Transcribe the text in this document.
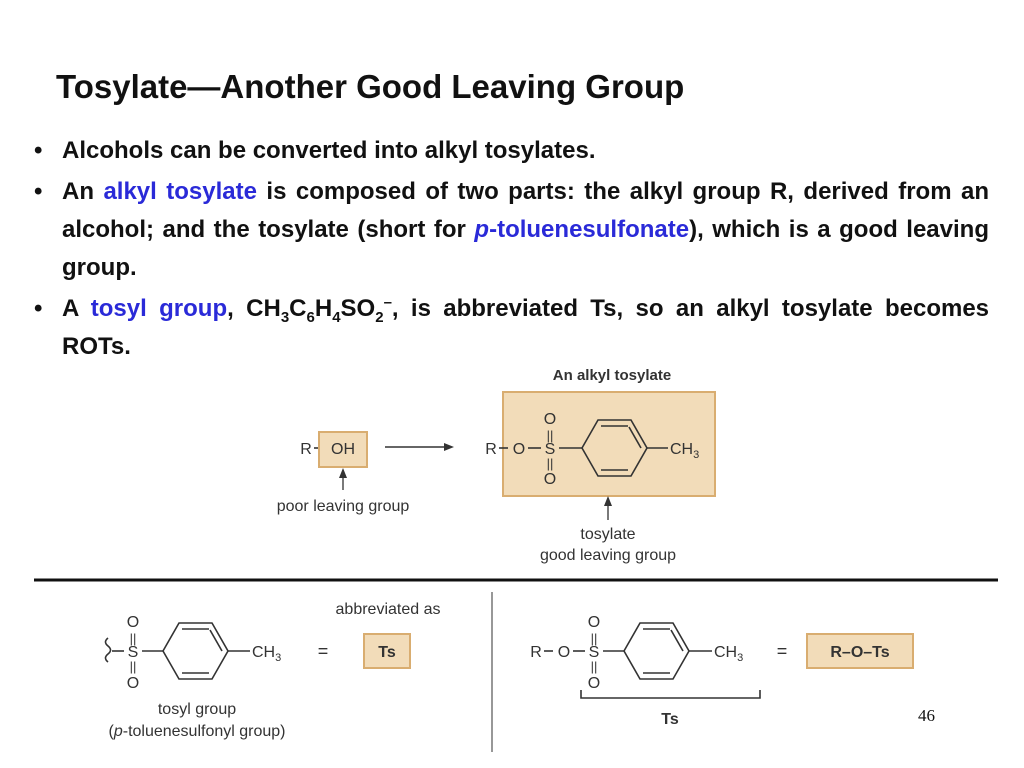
Tosylate—Another Good Leaving Group
• Alcohols can be converted into alkyl tosylates.
• An alkyl tosylate is composed of two parts: the alkyl group R, derived from an alcohol; and the tosylate (short for p-toluenesulfonate), which is a good leaving group.
• A tosyl group, $CH_3C_6H_4SO_2^-$, is abbreviated Ts, so an alkyl tosylate becomes ROTs.
An alkyl tosylate
R OH
poor leaving group
R O S
O
||
||
O
$CH_3$
tosylate
good leaving group
S
O
||
||
O
$CH_3$ =
abbreviated as
Ts
tosyl group
(p-toluenesulfonyl group)
R O S
O
||
||
O
$CH_3$ =	R–O–Ts
Ts	46
